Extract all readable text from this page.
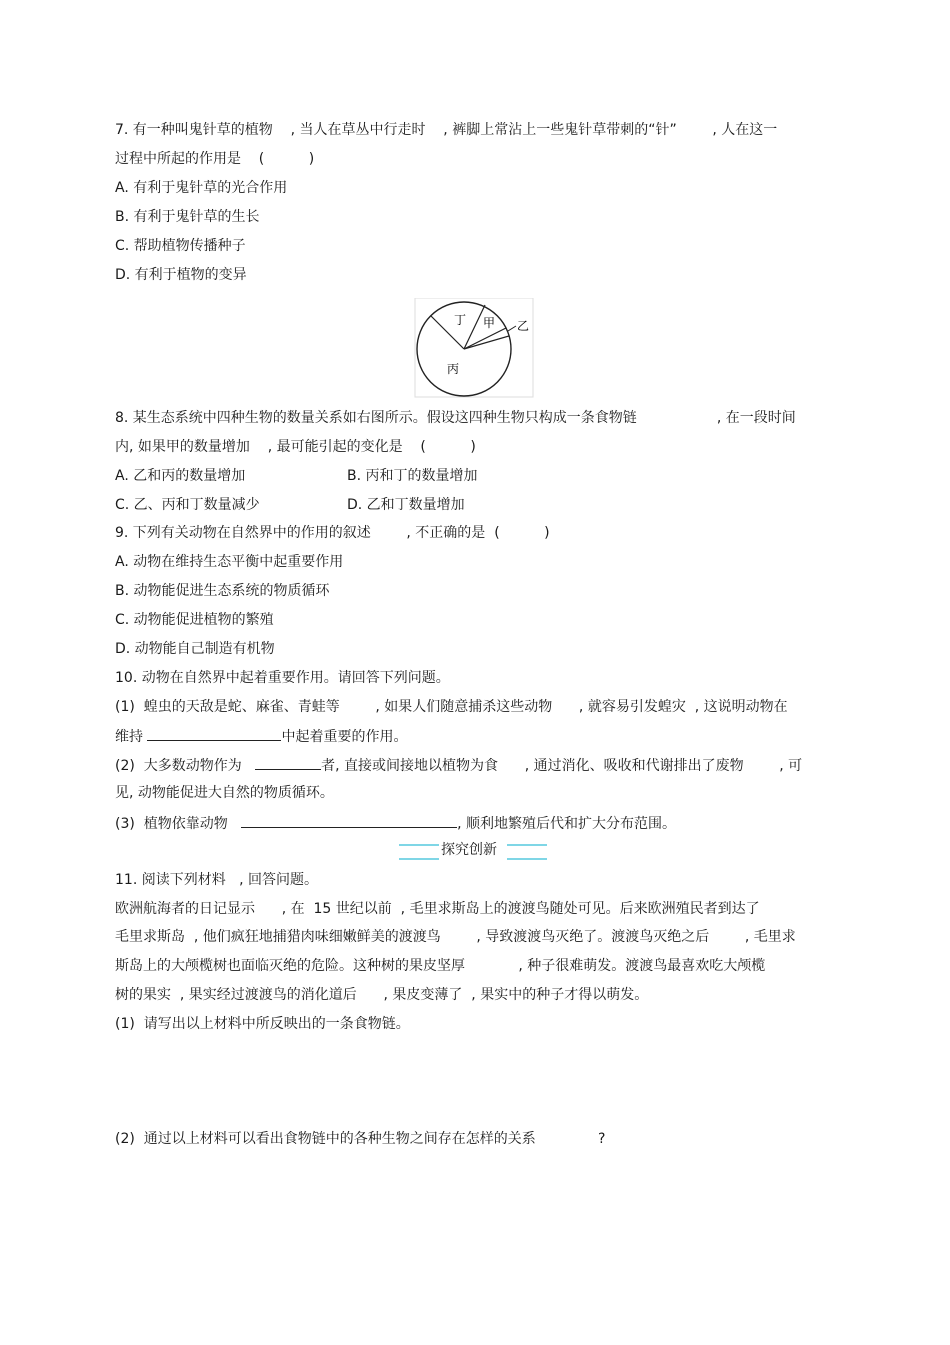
7. 有一种叫鬼针草的植物    , 当人在草丛中行走时    , 裤脚上常沾上一些鬼针草带刺的“针”        , 人在这一
过程中所起的作用是    (          )
A. 有利于鬼针草的光合作用
B. 有利于鬼针草的生长
C. 帮助植物传播种子
D. 有利于植物的变异
丁 甲 乙
丙
8. 某生态系统中四种生物的数量关系如右图所示。假设这四种生物只构成一条食物链                  , 在一段时间
内, 如果甲的数量增加    , 最可能引起的变化是    (          )
A. 乙和丙的数量增加	B. 丙和丁的数量增加
C. 乙、丙和丁数量减少	D. 乙和丁数量增加
9. 下列有关动物在自然界中的作用的叙述        , 不正确的是  (          )
A. 动物在维持生态平衡中起重要作用
B. 动物能促进生态系统的物质循环
C. 动物能促进植物的繁殖
D. 动物能自己制造有机物
10. 动物在自然界中起着重要作用。请回答下列问题。
(1)  蝗虫的天敌是蛇、麻雀、青蛙等        , 如果人们随意捕杀这些动物      , 就容易引发蝗灾  , 这说明动物在
维持	中起着重要的作用。
(2)  大多数动物作为	者, 直接或间接地以植物为食      , 通过消化、吸收和代谢排出了废物        , 可
见, 动物能促进大自然的物质循环。
(3)  植物依靠动物	, 顺利地繁殖后代和扩大分布范围。
探究创新
11. 阅读下列材料   , 回答问题。
欧洲航海者的日记显示      , 在  15 世纪以前  , 毛里求斯岛上的渡渡鸟随处可见。后来欧洲殖民者到达了
毛里求斯岛  , 他们疯狂地捕猎肉味细嫩鲜美的渡渡鸟        , 导致渡渡鸟灭绝了。渡渡鸟灭绝之后        , 毛里求
斯岛上的大颅榄树也面临灭绝的危险。这种树的果皮坚厚            , 种子很难萌发。渡渡鸟最喜欢吃大颅榄
树的果实  , 果实经过渡渡鸟的消化道后      , 果皮变薄了  , 果实中的种子才得以萌发。
(1)  请写出以上材料中所反映出的一条食物链。
(2)  通过以上材料可以看出食物链中的各种生物之间存在怎样的关系              ?
